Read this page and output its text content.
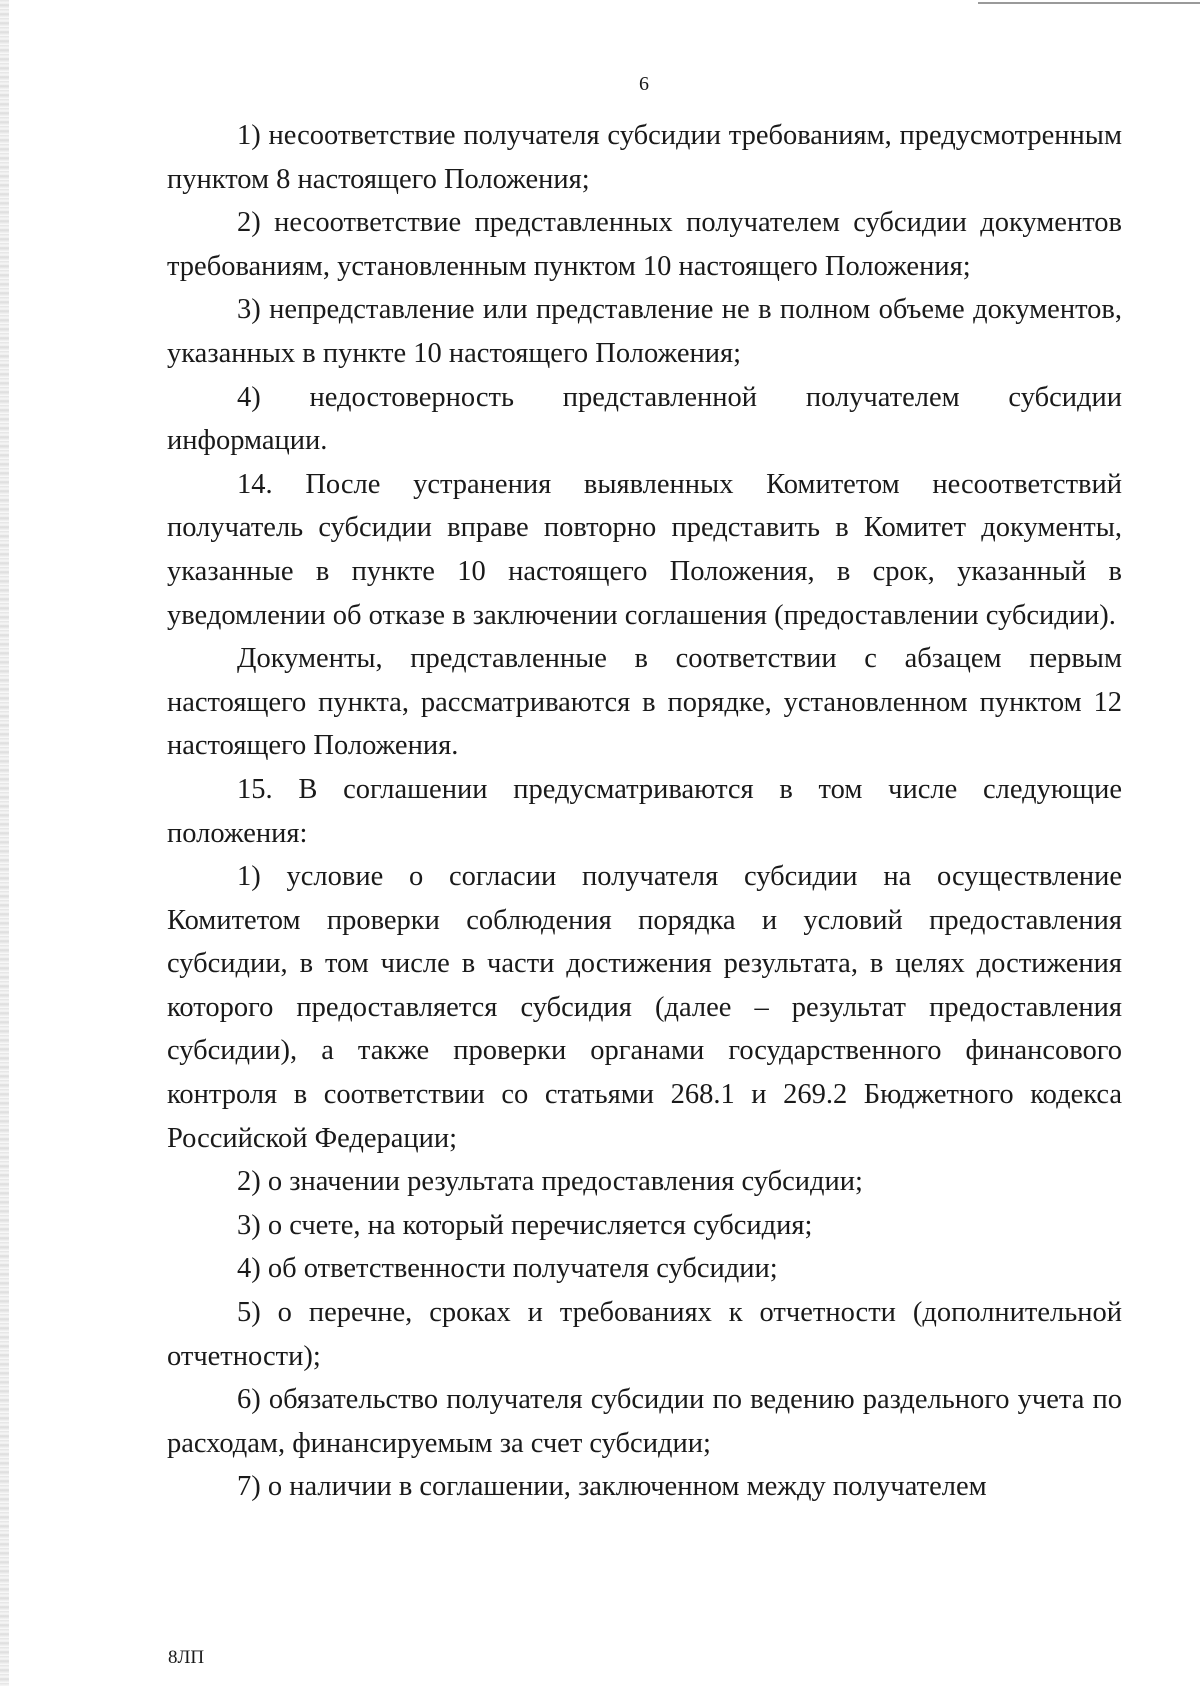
6

1) несоответствие получателя субсидии требованиям, предусмотренным пунктом 8 настоящего Положения;

2) несоответствие представленных получателем субсидии документов требованиям, установленным пунктом 10 настоящего Положения;

3) непредставление или представление не в полном объеме документов, указанных в пункте 10 настоящего Положения;

4) недостоверность представленной получателем субсидии информации.

14. После устранения выявленных Комитетом несоответствий получатель субсидии вправе повторно представить в Комитет документы, указанные в пункте 10 настоящего Положения, в срок, указанный в уведомлении об отказе в заключении соглашения (предоставлении субсидии).

Документы, представленные в соответствии с абзацем первым настоящего пункта, рассматриваются в порядке, установленном пунктом 12 настоящего Положения.

15. В соглашении предусматриваются в том числе следующие положения:

1) условие о согласии получателя субсидии на осуществление Комитетом проверки соблюдения порядка и условий предоставления субсидии, в том числе в части достижения результата, в целях достижения которого предоставляется субсидия (далее – результат предоставления субсидии), а также проверки органами государственного финансового контроля в соответствии со статьями 268.1 и 269.2 Бюджетного кодекса Российской Федерации;

2) о значении результата предоставления субсидии;

3) о счете, на который перечисляется субсидия;

4) об ответственности получателя субсидии;

5) о перечне, сроках и требованиях к отчетности (дополнительной отчетности);

6) обязательство получателя субсидии по ведению раздельного учета по расходам, финансируемым за счет субсидии;

7) о наличии в соглашении, заключенном между получателем

8ЛП
